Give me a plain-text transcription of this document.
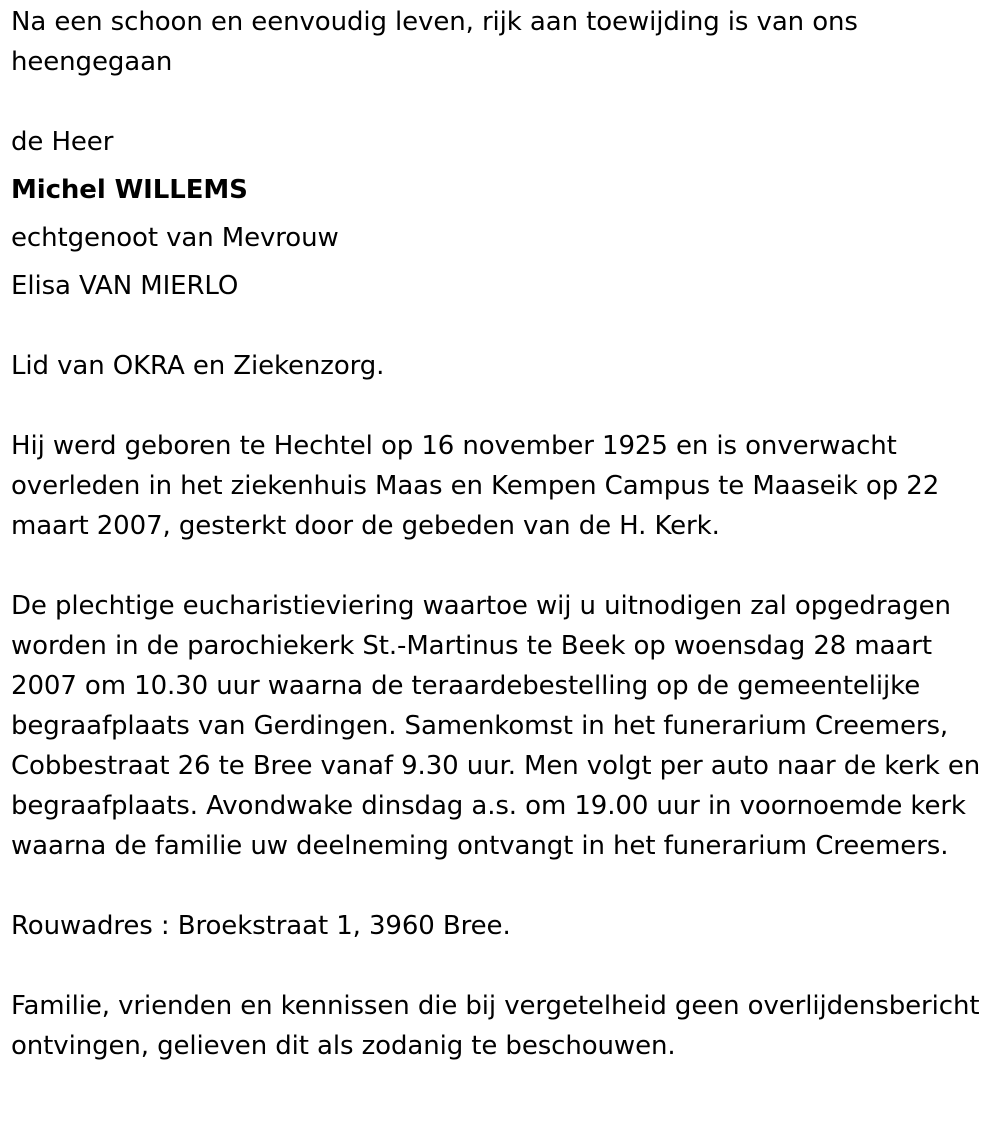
Na een schoon en eenvoudig leven, rijk aan toewijding is van ons heengegaan

de Heer

Michel WILLEMS

echtgenoot van Mevrouw

Elisa VAN MIERLO

Lid van OKRA en Ziekenzorg.

Hij werd geboren te Hechtel op 16 november 1925 en is onverwacht overleden in het ziekenhuis Maas en Kempen Campus te Maaseik op 22 maart 2007, gesterkt door de gebeden van de H. Kerk.

De plechtige eucharistieviering waartoe wij u uitnodigen zal opgedragen worden in de parochiekerk St.-Martinus te Beek op woensdag 28 maart 2007 om 10.30 uur waarna de teraardebestelling op de gemeentelijke begraafplaats van Gerdingen. Samenkomst in het funerarium Creemers, Cobbestraat 26 te Bree vanaf 9.30 uur. Men volgt per auto naar de kerk en begraafplaats. Avondwake dinsdag a.s. om 19.00 uur in voornoemde kerk waarna de familie uw deelneming ontvangt in het funerarium Creemers.

Rouwadres : Broekstraat 1, 3960 Bree.

Familie, vrienden en kennissen die bij vergetelheid geen overlijdensbericht ontvingen, gelieven dit als zodanig te beschouwen.
